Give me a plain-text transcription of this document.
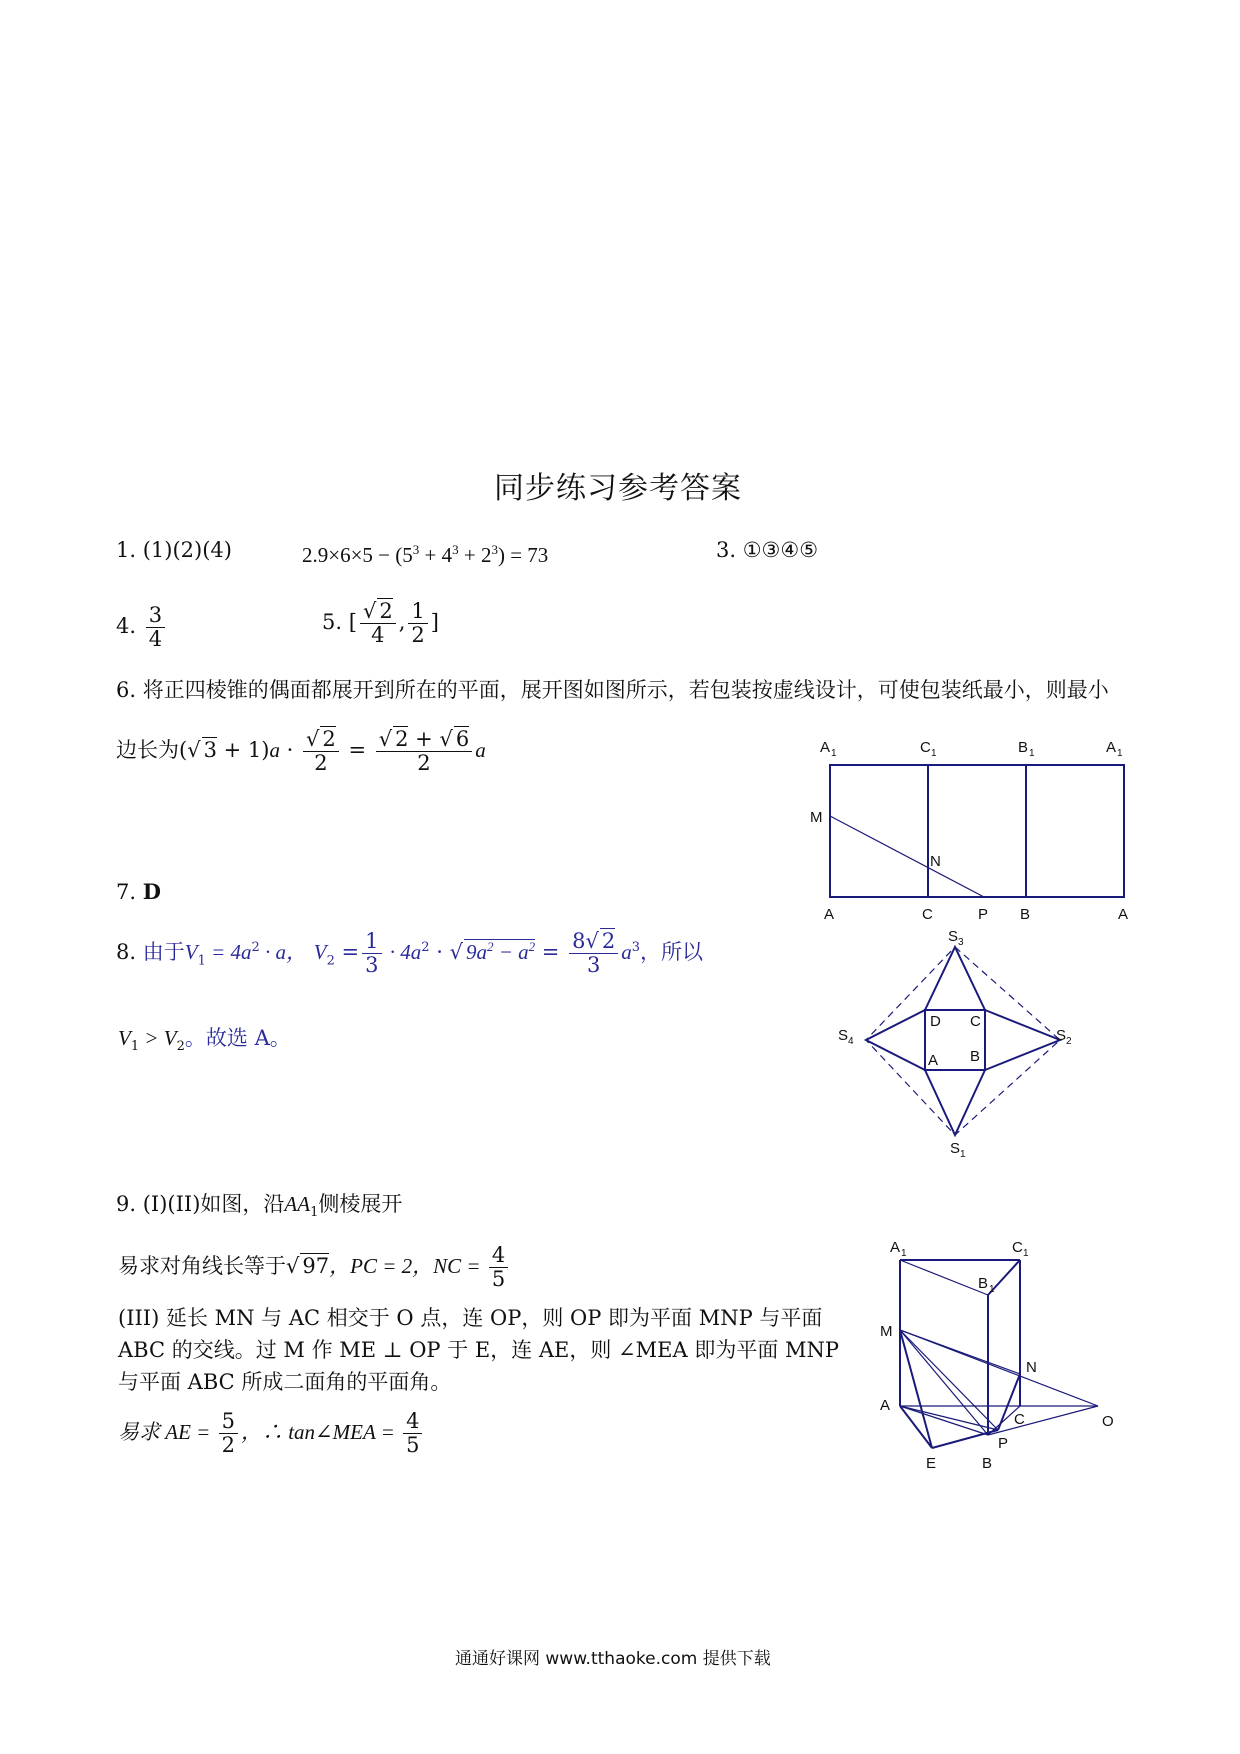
同步练习参考答案
1. (1)(2)(4)	$2.9\times 6\times 5 - (5^3 + 4^3 + 2^3) = 73$	3. ①③④⑤
4. $\frac{3}{4}$	5. [ $\frac{√ 2}{4}$ , $\frac{1}{2}$ ]
6. 将正四棱锥的偶面都展开到所在的平面，展开图如图所示，若包装按虚线设计，可使包装纸最小，则最小
边长为(√ $3 + 1)a \cdot \frac{√ 2}{2} = \frac{√ 2 + √ 6}{2}$ a
7. D
8. 由于$V_1 = 4a^2 \cdot a$， $V_2 = \frac{1}{3} \cdot 4a^2$ · √ $9a^2 - a^2 = \frac{8√ 2}{3} a^3$，所以
$V_1 > V_2$。故选 A。
9. (I)(II)如图，沿$AA_1$侧棱展开
易求对角线长等于√ 97，PC = 2，NC = $\frac{4}{5}$
(III) 延长 MN 与 AC 相交于 O 点，连 OP，则 OP 即为平面 MNP 与平面
ABC 的交线。过 M 作 ME ⊥ OP 于 E，连 AE，则 ∠MEA 即为平面 MNP
与平面 ABC 所成二面角的平面角。
易求 AE = $\frac{5}{2}$ ，∴ tan∠MEA = $\frac{4}{5}$
A 1	C 1	B 1	A 1
A	C	B	A
M
N
P
S 3
S 4	S 2
S 1
D C
A B
A 1	C 1
B 1
M
N
A
C	O
P
E	B
通通好课网 www.tthaoke.com 提供下载
